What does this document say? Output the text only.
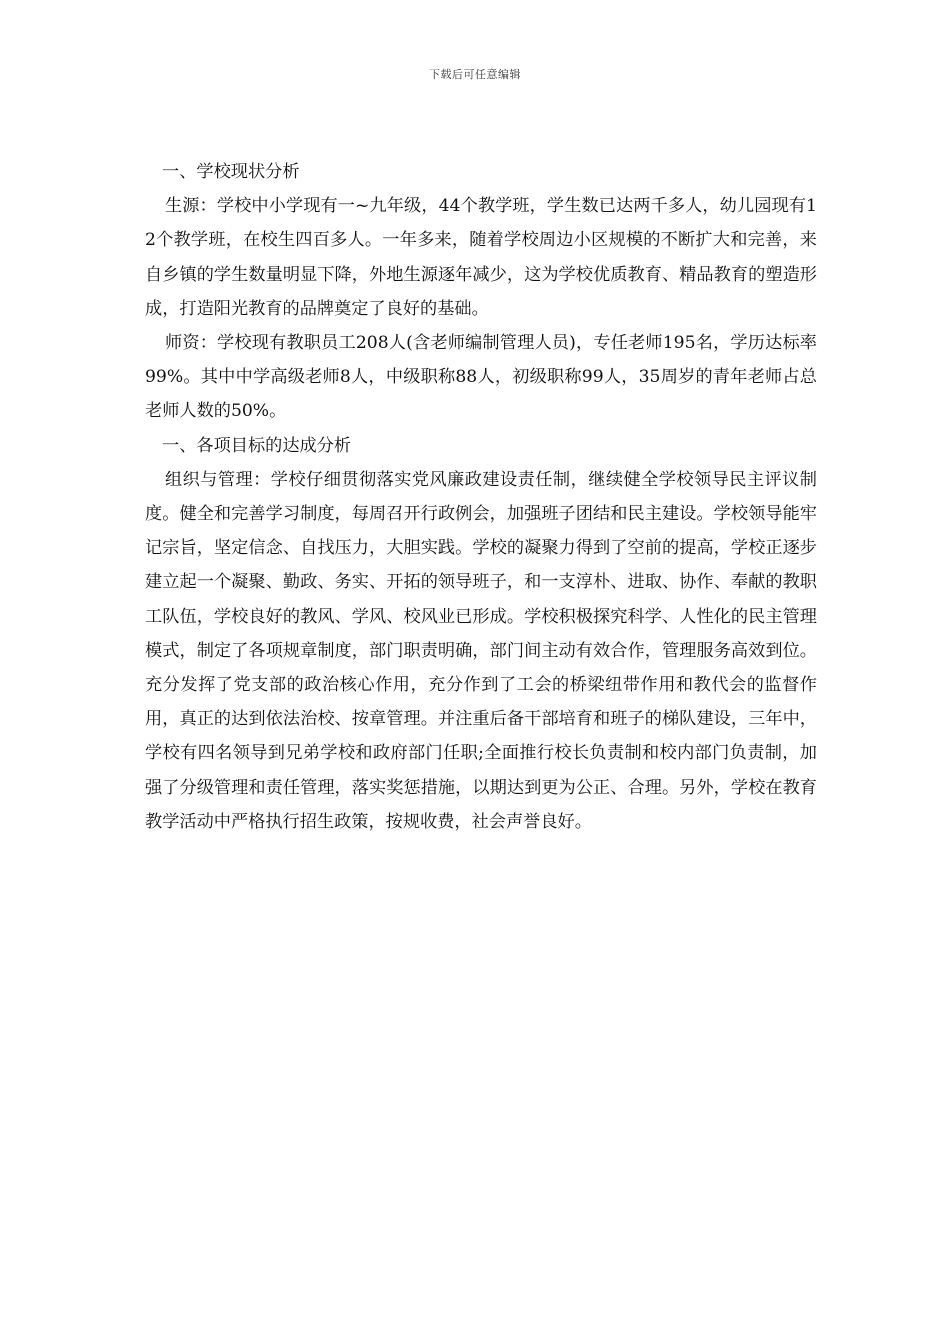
下载后可任意编辑

一、学校现状分析

生源：学校中小学现有一~九年级，44个教学班，学生数已达两千多人，幼儿园现有12个教学班，在校生四百多人。一年多来，随着学校周边小区规模的不断扩大和完善，来自乡镇的学生数量明显下降，外地生源逐年减少，这为学校优质教育、精品教育的塑造形成，打造阳光教育的品牌奠定了良好的基础。

师资：学校现有教职员工208人(含老师编制管理人员)，专任老师195名，学历达标率99%。其中中学高级老师8人，中级职称88人，初级职称99人，35周岁的青年老师占总老师人数的50%。

一、各项目标的达成分析

组织与管理：学校仔细贯彻落实党风廉政建设责任制，继续健全学校领导民主评议制度。健全和完善学习制度，每周召开行政例会，加强班子团结和民主建设。学校领导能牢记宗旨，坚定信念、自找压力，大胆实践。学校的凝聚力得到了空前的提高，学校正逐步建立起一个凝聚、勤政、务实、开拓的领导班子，和一支淳朴、进取、协作、奉献的教职工队伍，学校良好的教风、学风、校风业已形成。学校积极探究科学、人性化的民主管理模式，制定了各项规章制度，部门职责明确，部门间主动有效合作，管理服务高效到位。充分发挥了党支部的政治核心作用，充分作到了工会的桥梁纽带作用和教代会的监督作用，真正的达到依法治校、按章管理。并注重后备干部培育和班子的梯队建设，三年中，学校有四名领导到兄弟学校和政府部门任职;全面推行校长负责制和校内部门负责制，加强了分级管理和责任管理，落实奖惩措施，以期达到更为公正、合理。另外，学校在教育教学活动中严格执行招生政策，按规收费，社会声誉良好。
